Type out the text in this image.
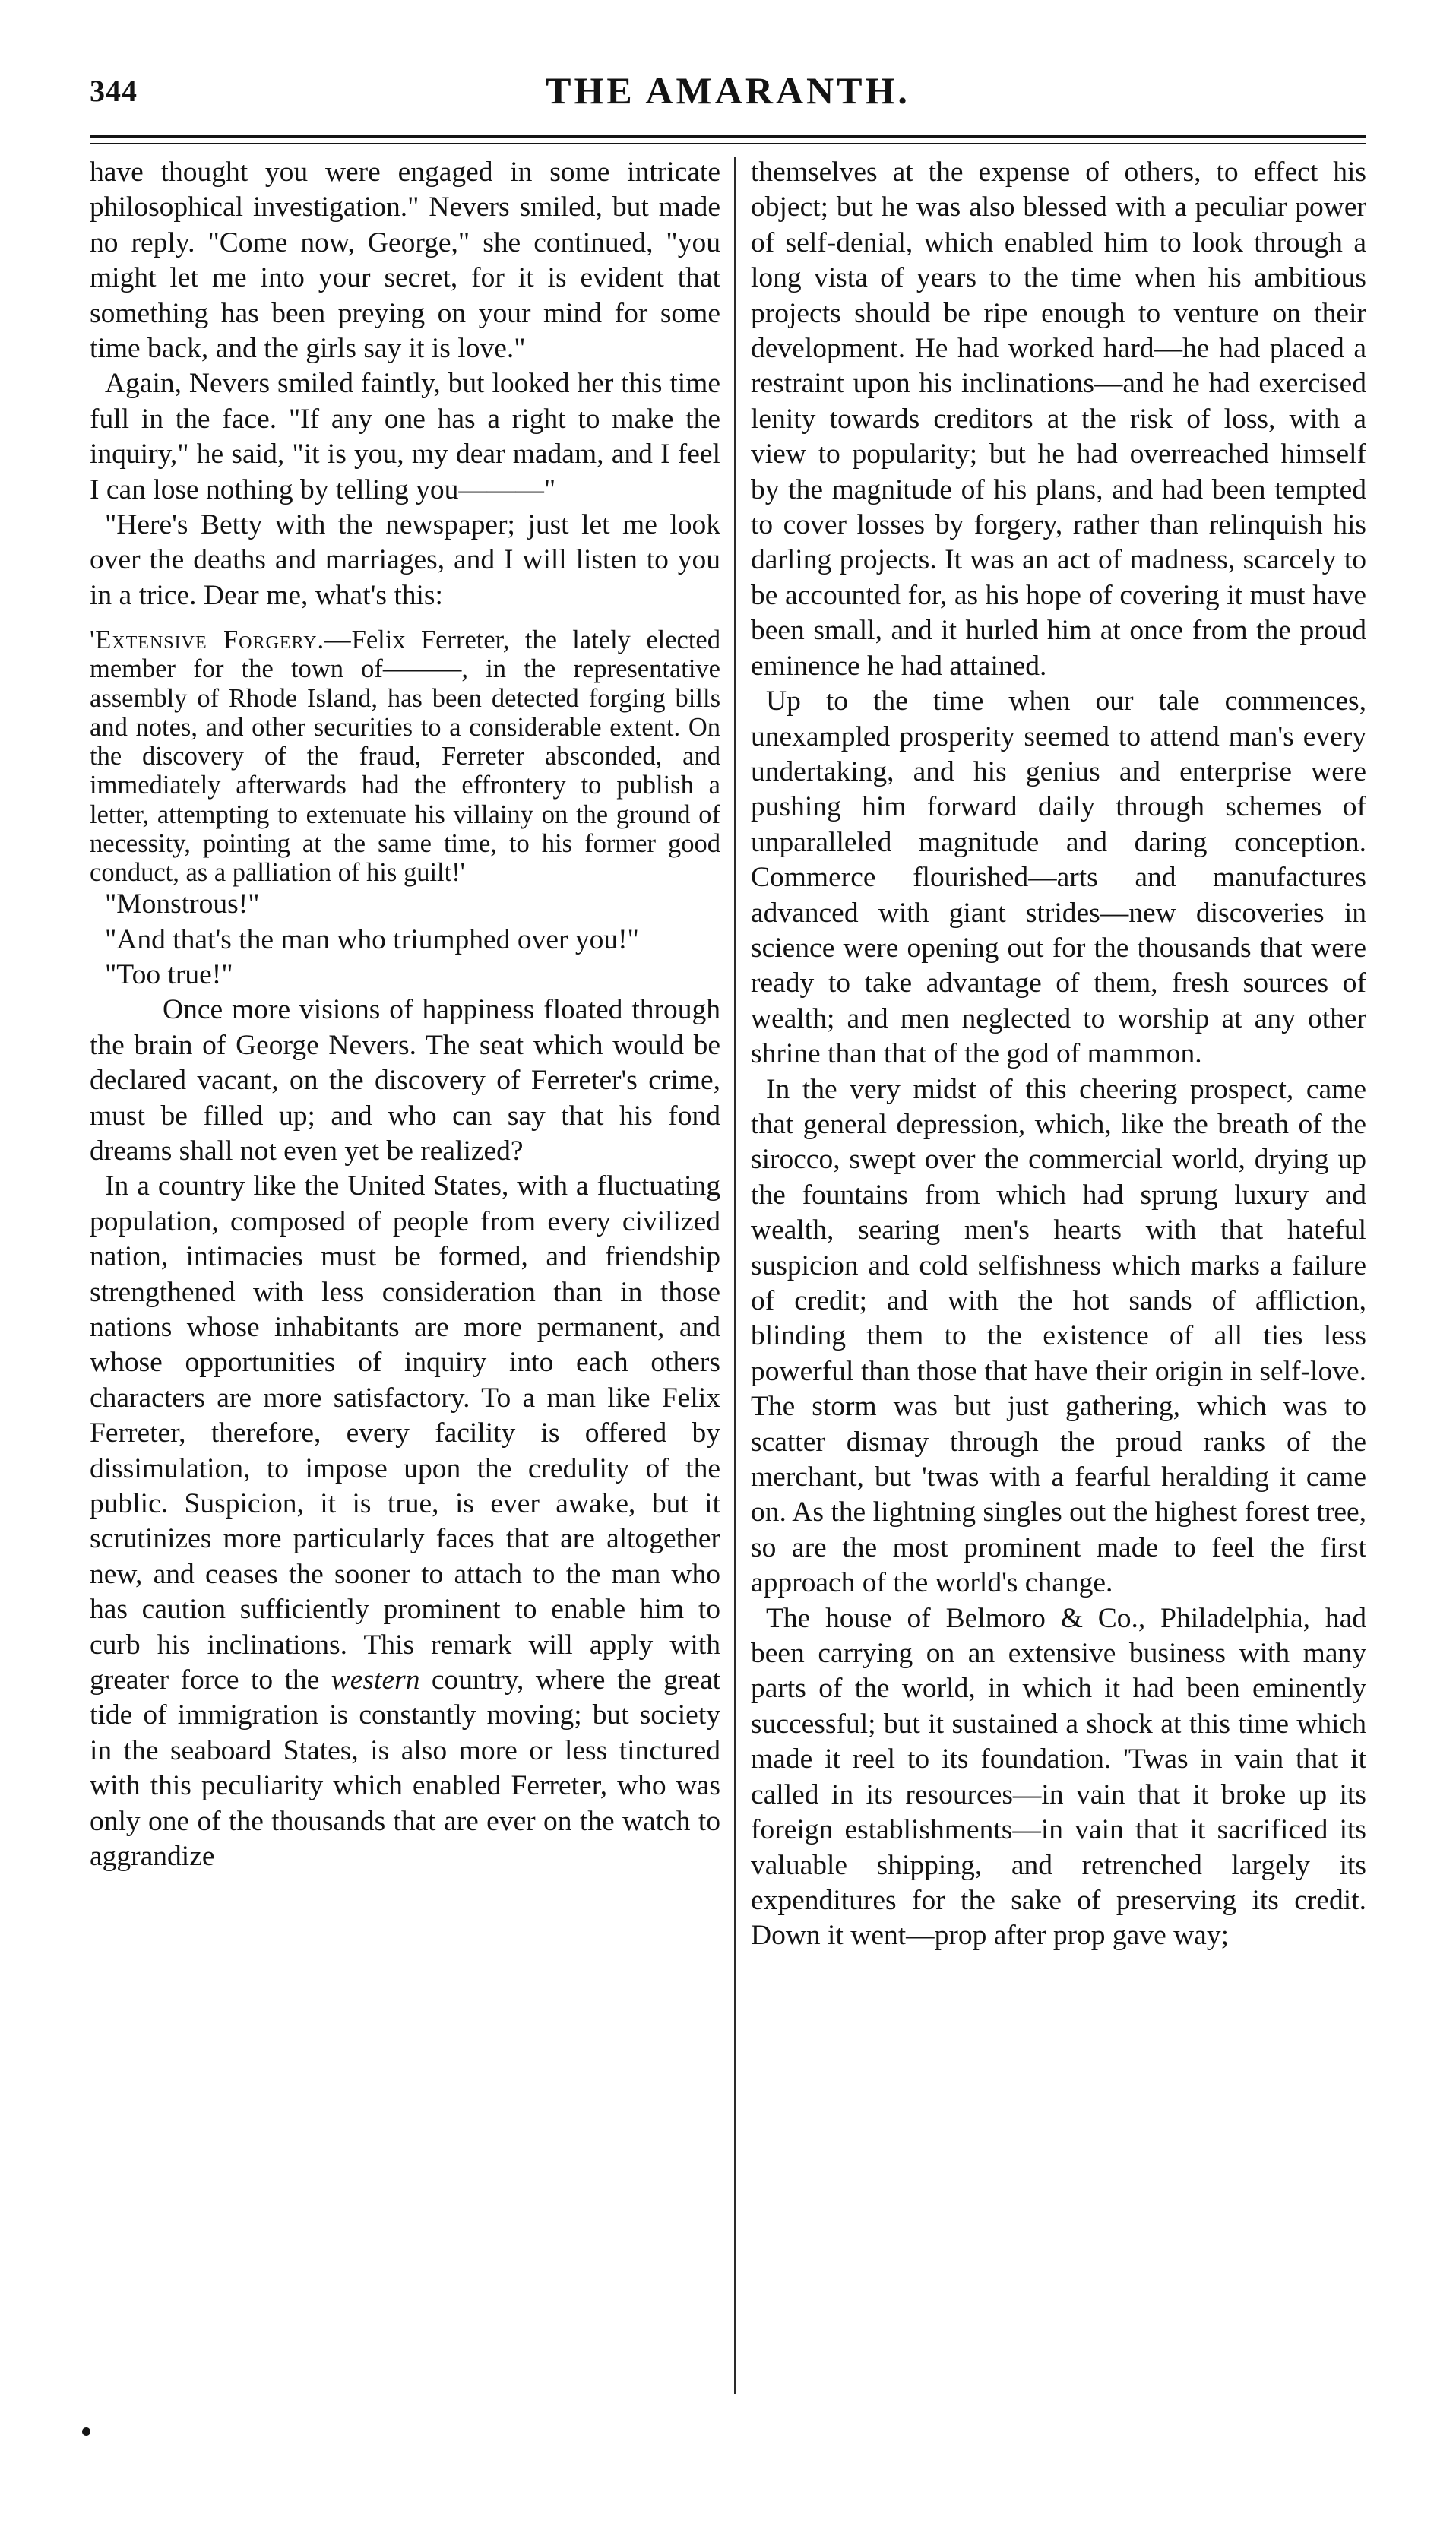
344	THE AMARANTH.

have thought you were engaged in some intricate philosophical investigation." Nevers smiled, but made no reply. "Come now, George," she continued, "you might let me into your secret, for it is evident that something has been preying on your mind for some time back, and the girls say it is love."

Again, Nevers smiled faintly, but looked her this time full in the face. "If any one has a right to make the inquiry," he said, "it is you, my dear madam, and I feel I can lose nothing by telling you———"

"Here's Betty with the newspaper; just let me look over the deaths and marriages, and I will listen to you in a trice. Dear me, what's this:

'Extensive Forgery.—Felix Ferreter, the lately elected member for the town of———, in the representative assembly of Rhode Island, has been detected forging bills and notes, and other securities to a considerable extent. On the discovery of the fraud, Ferreter absconded, and immediately afterwards had the effrontery to publish a letter, attempting to extenuate his villainy on the ground of necessity, pointing at the same time, to his former good conduct, as a palliation of his guilt!'

"Monstrous!"

"And that's the man who triumphed over you!"

"Too true!"

Once more visions of happiness floated through the brain of George Nevers. The seat which would be declared vacant, on the discovery of Ferreter's crime, must be filled up; and who can say that his fond dreams shall not even yet be realized?

In a country like the United States, with a fluctuating population, composed of people from every civilized nation, intimacies must be formed, and friendship strengthened with less consideration than in those nations whose inhabitants are more permanent, and whose opportunities of inquiry into each others characters are more satisfactory. To a man like Felix Ferreter, therefore, every facility is offered by dissimulation, to impose upon the credulity of the public. Suspicion, it is true, is ever awake, but it scrutinizes more particularly faces that are altogether new, and ceases the sooner to attach to the man who has caution sufficiently prominent to enable him to curb his inclinations. This remark will apply with greater force to the western country, where the great tide of immigration is constantly moving; but society in the seaboard States, is also more or less tinctured with this peculiarity which enabled Ferreter, who was only one of the thousands that are ever on the watch to aggrandize

themselves at the expense of others, to effect his object; but he was also blessed with a peculiar power of self-denial, which enabled him to look through a long vista of years to the time when his ambitious projects should be ripe enough to venture on their development. He had worked hard—he had placed a restraint upon his inclinations—and he had exercised lenity towards creditors at the risk of loss, with a view to popularity; but he had overreached himself by the magnitude of his plans, and had been tempted to cover losses by forgery, rather than relinquish his darling projects. It was an act of madness, scarcely to be accounted for, as his hope of covering it must have been small, and it hurled him at once from the proud eminence he had attained.

Up to the time when our tale commences, unexampled prosperity seemed to attend man's every undertaking, and his genius and enterprise were pushing him forward daily through schemes of unparalleled magnitude and daring conception. Commerce flourished—arts and manufactures advanced with giant strides—new discoveries in science were opening out for the thousands that were ready to take advantage of them, fresh sources of wealth; and men neglected to worship at any other shrine than that of the god of mammon.

In the very midst of this cheering prospect, came that general depression, which, like the breath of the sirocco, swept over the commercial world, drying up the fountains from which had sprung luxury and wealth, searing men's hearts with that hateful suspicion and cold selfishness which marks a failure of credit; and with the hot sands of affliction, blinding them to the existence of all ties less powerful than those that have their origin in self-love. The storm was but just gathering, which was to scatter dismay through the proud ranks of the merchant, but 'twas with a fearful heralding it came on. As the lightning singles out the highest forest tree, so are the most prominent made to feel the first approach of the world's change.

The house of Belmoro & Co., Philadelphia, had been carrying on an extensive business with many parts of the world, in which it had been eminently successful; but it sustained a shock at this time which made it reel to its foundation. 'Twas in vain that it called in its resources—in vain that it broke up its foreign establishments—in vain that it sacrificed its valuable shipping, and retrenched largely its expenditures for the sake of preserving its credit. Down it went—prop after prop gave way;
